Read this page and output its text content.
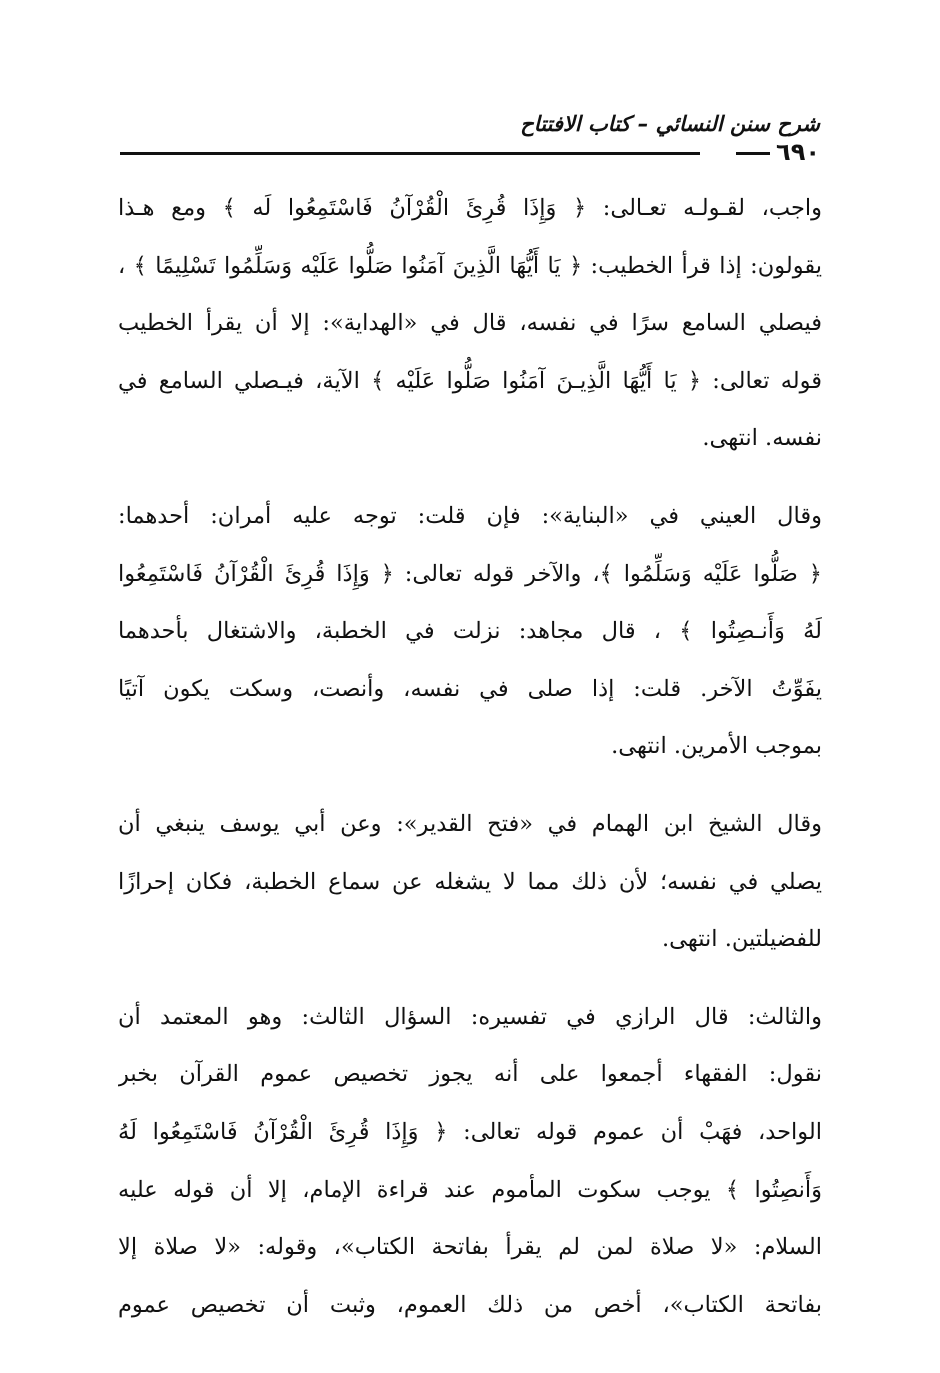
شرح سنن النسائي – كتاب الافتتاح
٦٩٠

واجب، لقـولـه تعـالى: ﴿ وَإِذَا قُرِئَ الْقُرْآنُ فَاسْتَمِعُوا لَه ﴾ ومع هـذا
يقولون: إذا قرأ الخطيب: ﴿ يَا أَيُّهَا الَّذِينَ آمَنُوا صَلُّوا عَلَيْه وَسَلِّمُوا تَسْلِيمًا ﴾ ،
فيصلي السامع سرًا في نفسه، قال في «الهداية»: إلا أن يقرأ الخطيب
قوله تعالى: ﴿ يَا أَيُّهَا الَّذِيـنَ آمَنُوا صَلُّوا عَلَيْه ﴾ الآية، فيـصلي السامع في
نفسه. انتهى.

وقال العيني في «البناية»: فإن قلت: توجه عليه أمران: أحدهما:
﴿ صَلُّوا عَلَيْه وَسَلِّمُوا ﴾، والآخر قوله تعالى: ﴿ وَإِذَا قُرِئَ الْقُرْآنُ فَاسْتَمِعُوا
لَهُ وَأَنـصِتُوا ﴾ ، قال مجاهد: نزلت في الخطبة، والاشتغال بأحدهما
يفَوِّتُ الآخر. قلت: إذا صلى في نفسه، وأنصت، وسكت يكون آتيًا
بموجب الأمرين. انتهى.

وقال الشيخ ابن الهمام في «فتح القدير»: وعن أبي يوسف ينبغي أن
يصلي في نفسه؛ لأن ذلك مما لا يشغله عن سماع الخطبة، فكان إحرازًا
للفضيلتين. انتهى.

والثالث: قال الرازي في تفسيره: السؤال الثالث: وهو المعتمد أن
نقول: الفقهاء أجمعوا على أنه يجوز تخصيص عموم القرآن بخبر
الواحد، فهَبْ أن عموم قوله تعالى: ﴿ وَإِذَا قُرِئَ الْقُرْآنُ فَاسْتَمِعُوا لَهُ
وَأَنصِتُوا ﴾ يوجب سكوت المأموم عند قراءة الإمام، إلا أن قوله عليه
السلام: «لا صلاة لمن لم يقرأ بفاتحة الكتاب»، وقوله: «لا صلاة إلا
بفاتحة الكتاب»، أخص من ذلك العموم، وثبت أن تخصيص عموم
